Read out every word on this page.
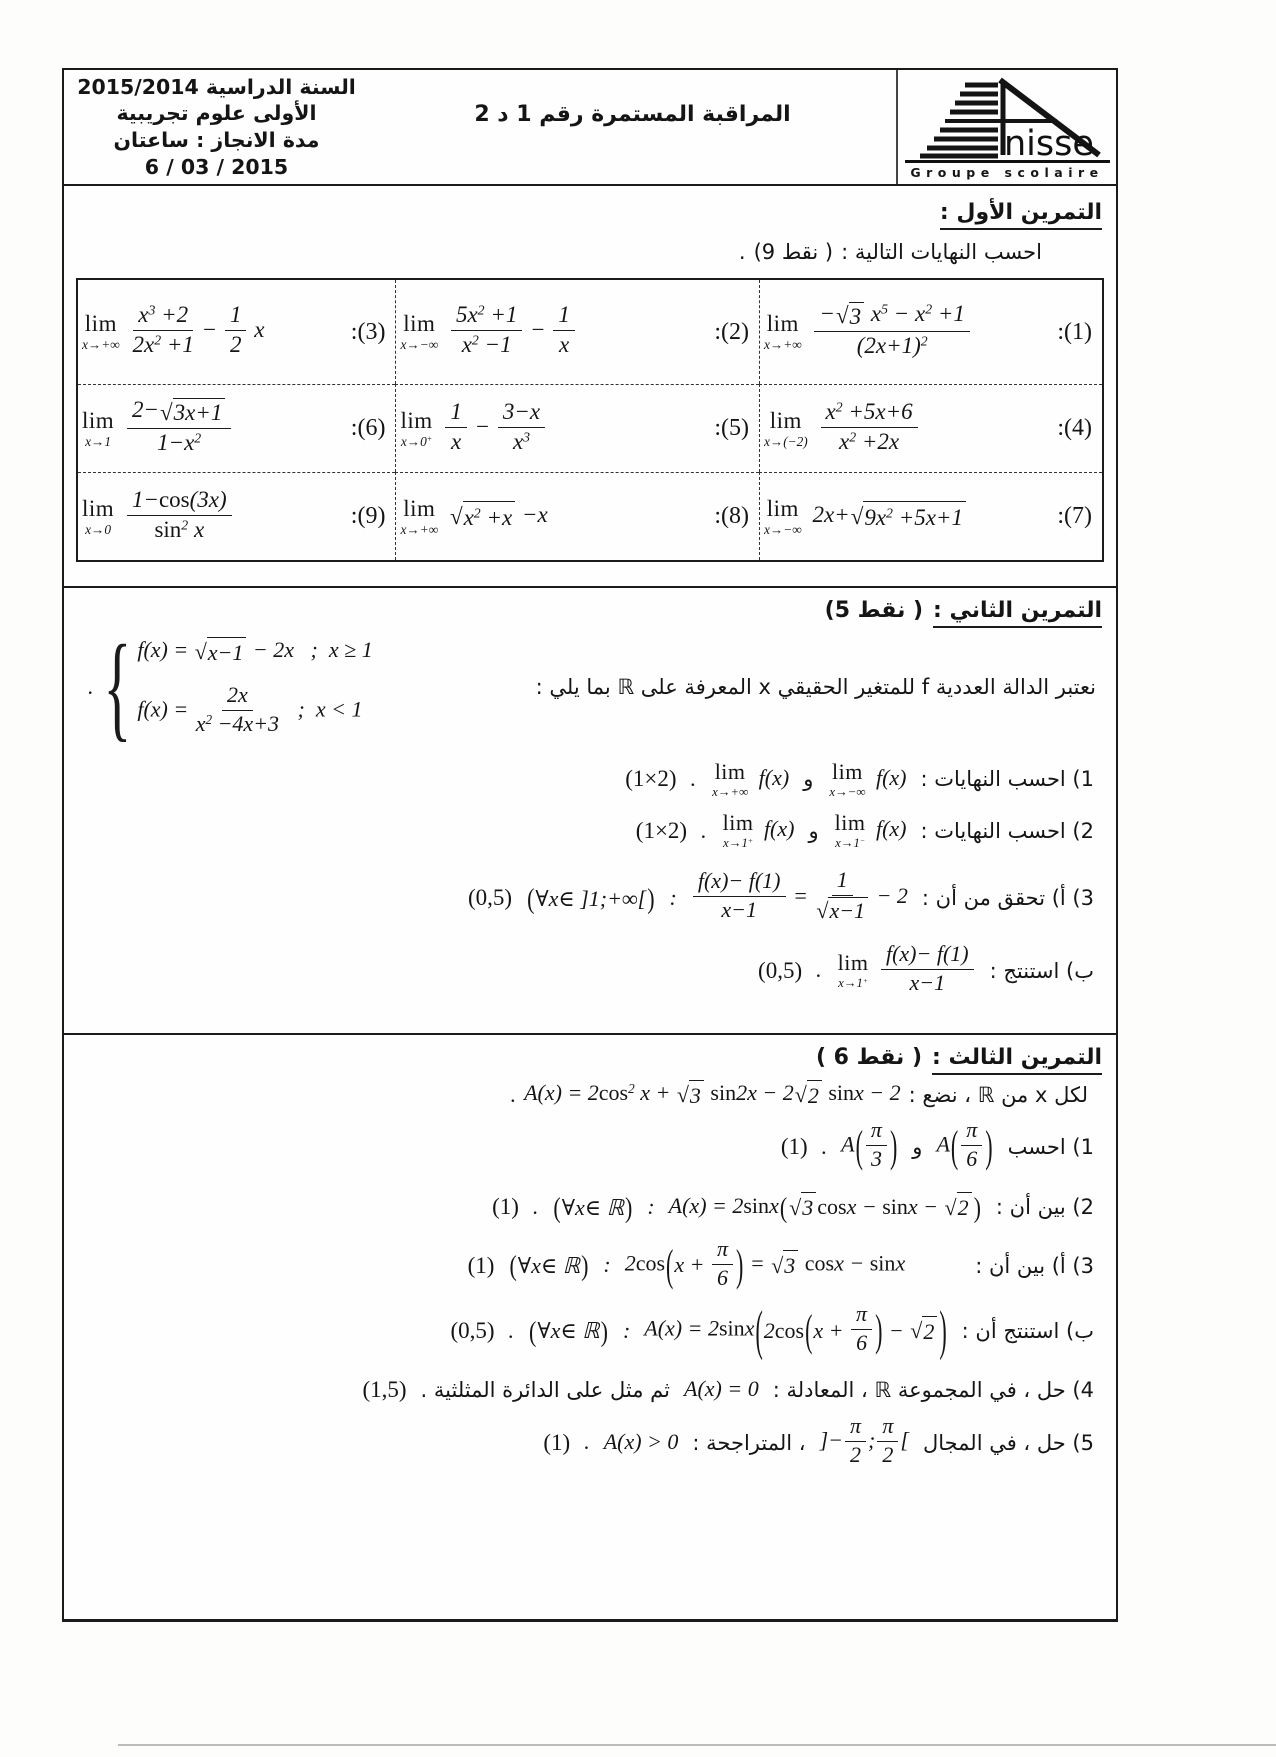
السنة الدراسية 2015/2014
الأولى علوم تجريبية
مدة الانجاز : ساعتان
2015 / 03 / 6
المراقبة المستمرة رقم 1 د 2
nisse
Groupe scolaire
التمرين الأول :
احسب النهايات التالية :
(9 نقط )
.
lim
x→+∞
$\frac{- √ 3 x^5 - x^2 +1}{(2x+1)^2}$	:(1)
lim
x→−∞
$\frac{5x^2 +1}{x^2 -1} - \frac{1}{x}$	:(2)
lim
x→+∞
$\frac{x^3 +2}{2x^2 +1} - \frac{1}{2}$ x	:(3)
lim
x→(−2)
$\frac{x^2 +5x+6}{x^2 +2x}$	:(4)
lim
x→0+
$\frac{1}{x} - \frac{3-x}{x^3}$	:(5)
lim
x→1
$\frac{2- √ 3x+1}{1-x^2}$	:(6)
lim
x→−∞
2x+ √ $9x^2 +5x+1$	:(7)
lim
x→+∞

√ $x^2 +x -x$	:(8)
lim
x→0
$\frac{1-\cos(3x)}{\sin^2 x}$	:(9)
التمرين الثاني :
(5 نقط )
نعتبر الدالة العددية f للمتغير الحقيقي x المعرفة على ℝ بما يلي :
{ f(x) = √ x−1 − 2x   ;  x ≥ 1
$f(x) = \frac{2x}{x^2 -4x+3}$ ;  x < 1
.
1) احسب النهايات :
lim
x→−∞
f(x)
و
lim
x→+∞
f(x)
.
(1×2)
2) احسب النهايات :
lim
x→1− f(x)
و
lim
x→1+ f(x)
.
(1×2)
3) أ) تحقق من أن :
$\frac{f(x)- f(1)}{x-1} = \frac{1}{√ x-1} - 2$
:
( ∀x∈ ]1;+∞[ )
(0,5)
ب) استنتج :
lim
x→1+
$\frac{f(x)- f(1)}{x-1}$
.
(0,5)
التمرين الثالث :
( 6 نقط )
لكل x من ℝ ، نضع :
$A(x) = 2\cos^2$ x + √ 3 sin2x − 2 √ 2 sinx − 2
.
1) احسب
A ( $\frac{\pi}{6}$ )
و
A ( $\frac{\pi}{3}$ )
.
(1)
2) بين أن :
A(x) = 2sinx ( √ 3 cos x − sin x − √ 2 )
:
( ∀x∈ ℝ )
.
(1)
3) أ) بين أن :
2cos ( $x + \frac{\pi}{6}$ ) = √ 3 cosx − sinx
:
( ∀x∈ ℝ )
(1)
ب) استنتج أن :
A(x) = 2sinx ( 2 cos ( $x + \frac{\pi}{6}$ ) − √ 2 )
:
( ∀x∈ ℝ )
.
(0,5)
4) حل ، في المجموعة ℝ ، المعادلة :
A(x) = 0
ثم مثل على الدائرة المثلثية .
(1,5)
5) حل ، في المجال
]− $\frac{\pi}{2}$ ; $\frac{\pi}{2}$ [
، المتراجحة :
A(x) > 0
.
(1)
